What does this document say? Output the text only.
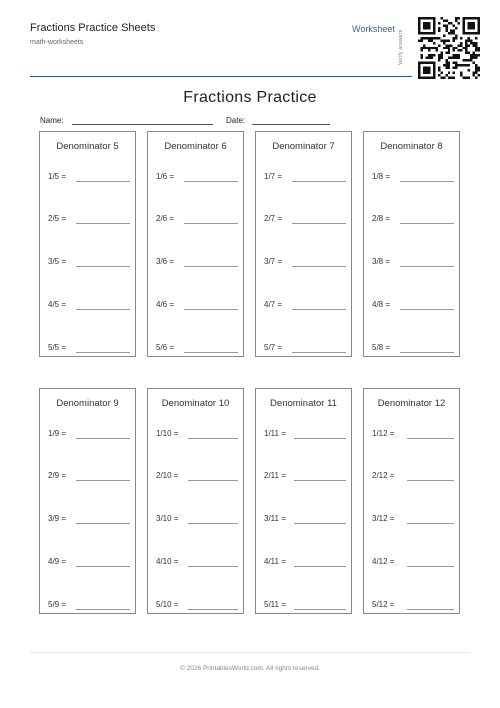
Fractions Practice Sheets
math-worksheets
Worksheet
Verify answers
Fractions Practice
Name:	Date:
Denominator 5
1/5 =
2/5 =
3/5 =
4/5 =
5/5 =
Denominator 6
1/6 =
2/6 =
3/6 =
4/6 =
5/6 =
Denominator 7
1/7 =
2/7 =
3/7 =
4/7 =
5/7 =
Denominator 8
1/8 =
2/8 =
3/8 =
4/8 =
5/8 =
Denominator 9
1/9 =
2/9 =
3/9 =
4/9 =
5/9 =
Denominator 10
1/10 =
2/10 =
3/10 =
4/10 =
5/10 =
Denominator 11
1/11 =
2/11 =
3/11 =
4/11 =
5/11 =
Denominator 12
1/12 =
2/12 =
3/12 =
4/12 =
5/12 =
© 2026 PrintablesWorld.com. All rights reserved.
